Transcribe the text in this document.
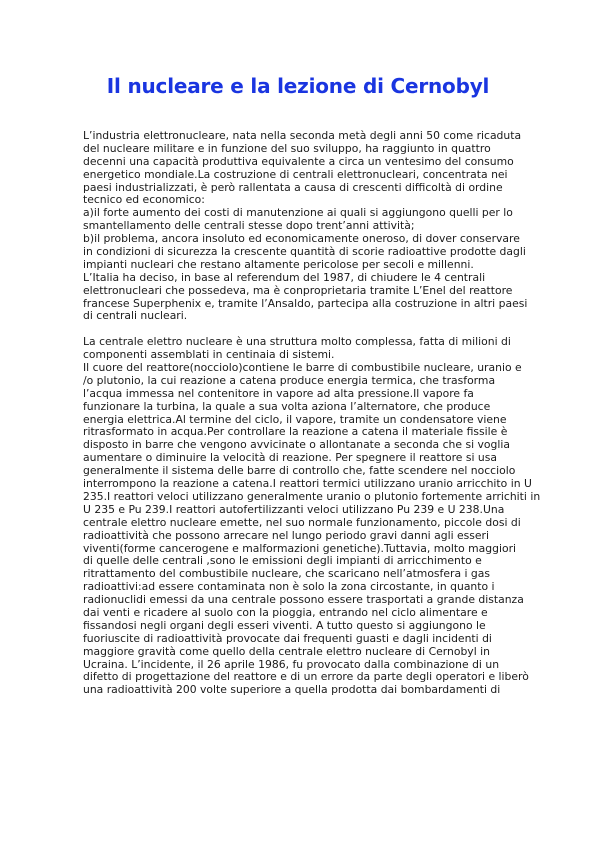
Il nucleare e la lezione di Cernobyl
L’industria elettronucleare, nata nella seconda metà degli anni 50 come ricaduta
del nucleare militare e in funzione del suo sviluppo, ha raggiunto in quattro
decenni una capacità produttiva equivalente a circa un ventesimo del consumo
energetico mondiale.La costruzione di centrali elettronucleari, concentrata nei
paesi industrializzati, è però rallentata a causa di crescenti difficoltà di ordine
tecnico ed economico:
a)il forte aumento dei costi di manutenzione ai quali si aggiungono quelli per lo
smantellamento delle centrali stesse dopo trent’anni attività;
b)il problema, ancora insoluto ed economicamente oneroso, di dover conservare
in condizioni di sicurezza la crescente quantità di scorie radioattive prodotte dagli
impianti nucleari che restano altamente pericolose per secoli e millenni.
L’Italia ha deciso, in base al referendum del 1987, di chiudere le 4 centrali
elettronucleari che possedeva, ma è conproprietaria tramite L’Enel del reattore
francese Superphenix e, tramite l’Ansaldo, partecipa alla costruzione in altri paesi
di centrali nucleari.
La centrale elettro nucleare è una struttura molto complessa, fatta di milioni di
componenti assemblati in centinaia di sistemi.
Il cuore del reattore(nocciolo)contiene le barre di combustibile nucleare, uranio e
/o plutonio, la cui reazione a catena produce energia termica, che trasforma
l’acqua immessa nel contenitore in vapore ad alta pressione.Il vapore fa
funzionare la turbina, la quale a sua volta aziona l’alternatore, che produce
energia elettrica.Al termine del ciclo, il vapore, tramite un condensatore viene
ritrasformato in acqua.Per controllare la reazione a catena il materiale fissile è
disposto in barre che vengono avvicinate o allontanate a seconda che si voglia
aumentare o diminuire la velocità di reazione. Per spegnere il reattore si usa
generalmente il sistema delle barre di controllo che, fatte scendere nel nocciolo
interrompono la reazione a catena.I reattori termici utilizzano uranio arricchito in U
235.I reattori veloci utilizzano generalmente uranio o plutonio fortemente arrichiti in
U 235 e Pu 239.I reattori autofertilizzanti veloci utilizzano Pu 239 e U 238.Una
centrale elettro nucleare emette, nel suo normale funzionamento, piccole dosi di
radioattività che possono arrecare nel lungo periodo gravi danni agli esseri
viventi(forme cancerogene e malformazioni genetiche).Tuttavia, molto maggiori
di quelle delle centrali ,sono le emissioni degli impianti di arricchimento e
ritrattamento del combustibile nucleare, che scaricano nell’atmosfera i gas
radioattivi:ad essere contaminata non è solo la zona circostante, in quanto i
radionuclidi emessi da una centrale possono essere trasportati a grande distanza
dai venti e ricadere al suolo con la pioggia, entrando nel ciclo alimentare e
fissandosi negli organi degli esseri viventi. A tutto questo si aggiungono le
fuoriuscite di radioattività provocate dai frequenti guasti e dagli incidenti di
maggiore gravità come quello della centrale elettro nucleare di Cernobyl in
Ucraina. L’incidente, il 26 aprile 1986, fu provocato dalla combinazione di un
difetto di progettazione del reattore e di un errore da parte degli operatori e liberò
una radioattività 200 volte superiore a quella prodotta dai bombardamenti di
